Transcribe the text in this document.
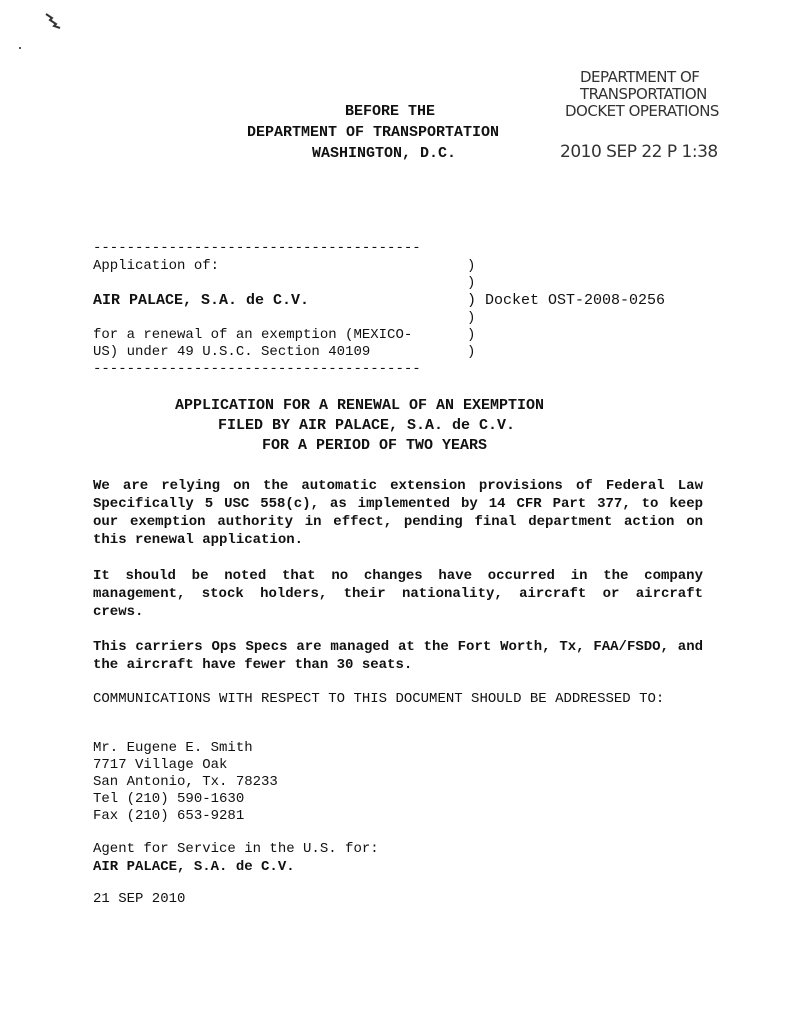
DEPARTMENT OF
TRANSPORTATION
DOCKET OPERATIONS
2010 SEP 22 P 1:38
BEFORE THE
DEPARTMENT OF TRANSPORTATION
WASHINGTON, D.C.
---------------------------------------
Application of:
AIR PALACE, S.A. de C.V.
for a renewal of an exemption (MEXICO-
US) under 49 U.S.C. Section 40109
---------------------------------------
)
)
) Docket OST-2008-0256
)
)
)
APPLICATION FOR A RENEWAL OF AN EXEMPTION
FILED BY AIR PALACE, S.A. de C.V.
FOR A PERIOD OF TWO YEARS
We are relying on the automatic extension provisions of Federal Law Specifically 5 USC 558(c), as implemented by 14 CFR Part 377, to keep our exemption authority in effect, pending final department action on this renewal application.
It should be noted that no changes have occurred in the company management, stock holders, their nationality, aircraft or aircraft crews.
This carriers Ops Specs are managed at the Fort Worth, Tx, FAA/FSDO, and the aircraft have fewer than 30 seats.
COMMUNICATIONS WITH RESPECT TO THIS DOCUMENT SHOULD BE ADDRESSED TO:
Mr. Eugene E. Smith
7717 Village Oak
San Antonio, Tx. 78233
Tel (210) 590-1630
Fax (210) 653-9281
Agent for Service in the U.S. for:
AIR PALACE, S.A. de C.V.
21 SEP 2010
